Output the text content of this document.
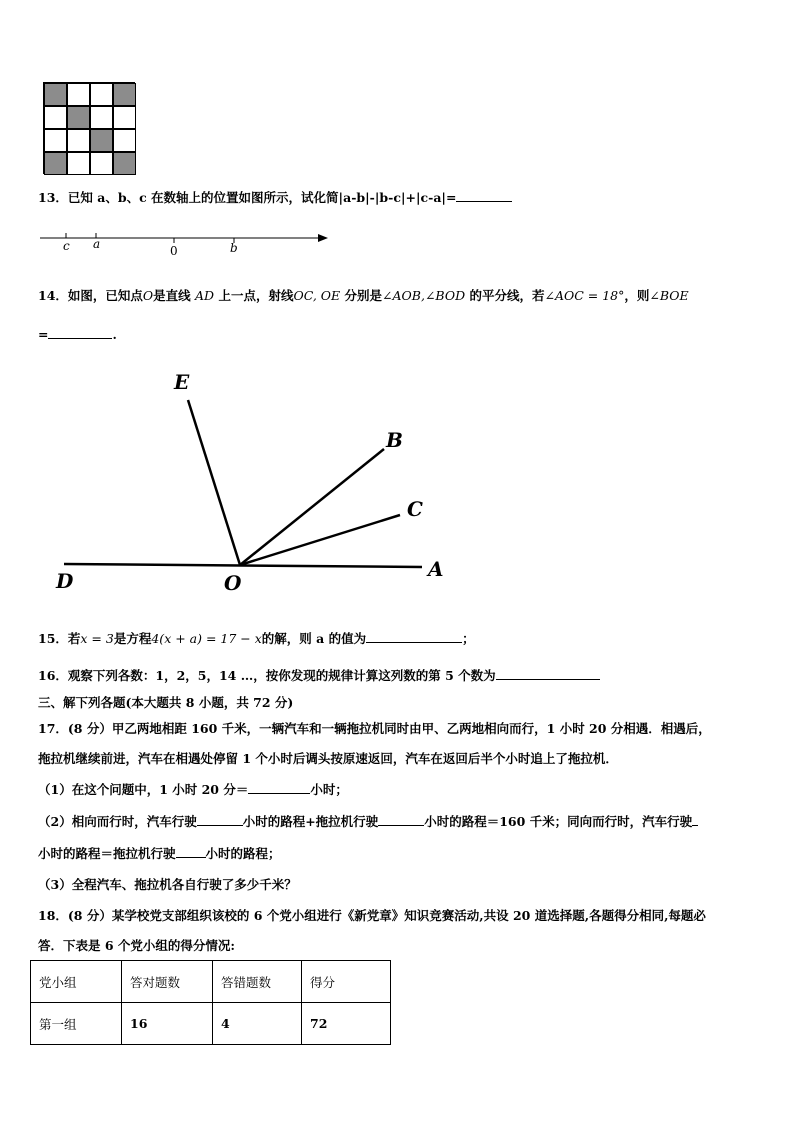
13．已知 a、b、c 在数轴上的位置如图所示，试化简|a-b|-|b-c|+|c-a|=
c a	0	b
14．如图，已知点O是直线 AD 上一点，射线OC, OE 分别是∠AOB,∠BOD 的平分线，若∠AOC = 18°，则∠BOE
=	.
E
B
C
D	O
A
15．若x = 3是方程4(x + a) = 17 − x的解，则 a 的值为	；
16．观察下列各数：1，2，5，14 …，按你发现的规律计算这列数的第 5 个数为
三、解下列各题(本大题共 8 小题，共 72 分)
17．(8 分）甲乙两地相距 160 千米，一辆汽车和一辆拖拉机同时由甲、乙两地相向而行，1 小时 20 分相遇．相遇后，
拖拉机继续前进，汽车在相遇处停留 1 个小时后调头按原速返回，汽车在返回后半个小时追上了拖拉机．
（1）在这个问题中，1 小时 20 分＝	小时；
（2）相向而行时，汽车行驶	小时的路程+拖拉机行驶	小时的路程＝160 千米；同向而行时，汽车行驶
小时的路程＝拖拉机行驶 小时的路程；
（3）全程汽车、拖拉机各自行驶了多少千米？
18．(8 分）某学校党支部组织该校的 6 个党小组进行《新党章》知识竞赛活动,共设 20 道选择题,各题得分相同,每题必
答．下表是 6 个党小组的得分情况:
党小组	答对题数	答错题数	得分
第一组	16	4	72
